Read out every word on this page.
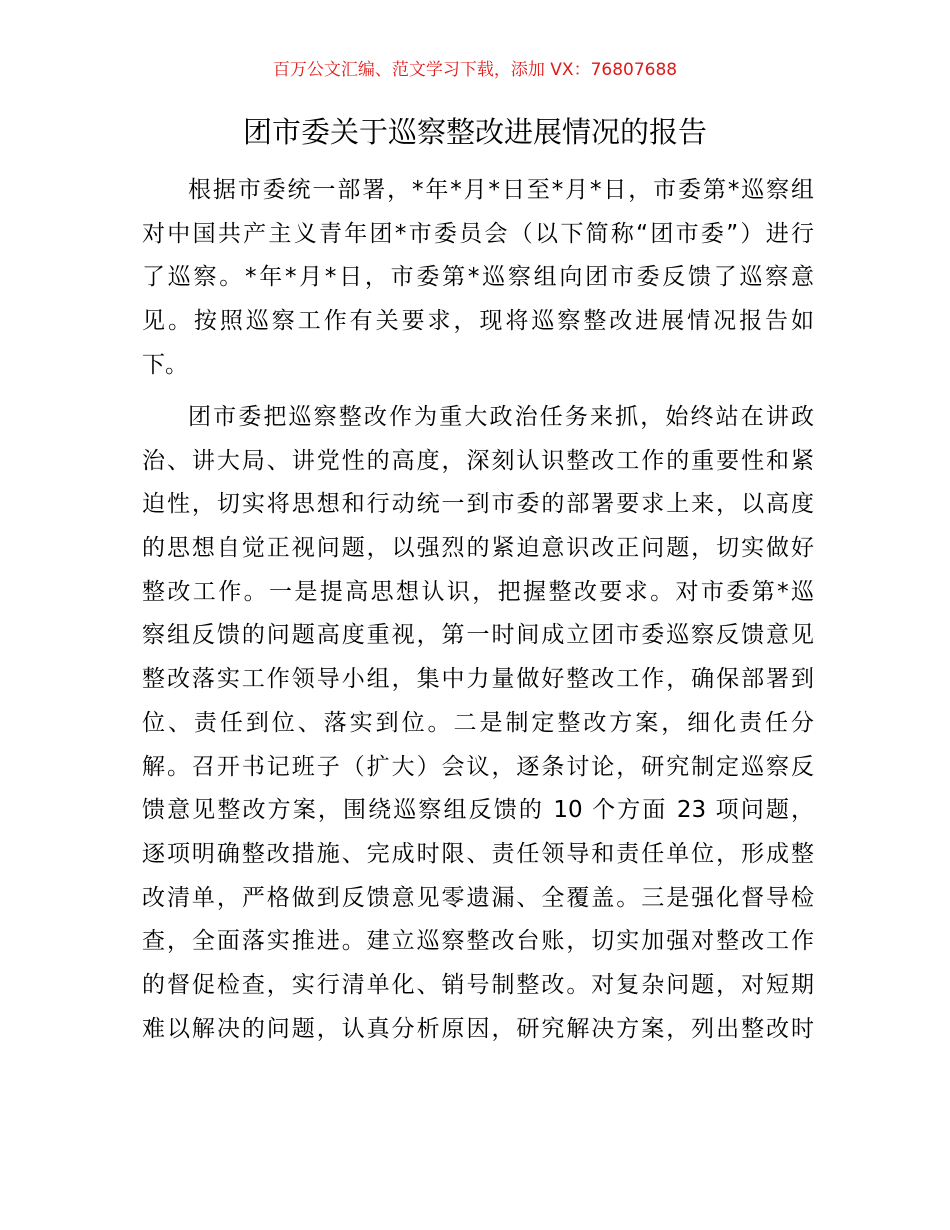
百万公文汇编、范文学习下载，添加 VX：76807688
团市委关于巡察整改进展情况的报告
根据市委统一部署，*年*月*日至*月*日，市委第*巡察组
对中国共产主义青年团*市委员会（以下简称“团市委”）进行
了巡察。*年*月*日，市委第*巡察组向团市委反馈了巡察意
见。按照巡察工作有关要求，现将巡察整改进展情况报告如
下。
团市委把巡察整改作为重大政治任务来抓，始终站在讲政
治、讲大局、讲党性的高度，深刻认识整改工作的重要性和紧
迫性，切实将思想和行动统一到市委的部署要求上来，以高度
的思想自觉正视问题，以强烈的紧迫意识改正问题，切实做好
整改工作。一是提高思想认识，把握整改要求。对市委第*巡
察组反馈的问题高度重视，第一时间成立团市委巡察反馈意见
整改落实工作领导小组，集中力量做好整改工作，确保部署到
位、责任到位、落实到位。二是制定整改方案，细化责任分
解。召开书记班子（扩大）会议，逐条讨论，研究制定巡察反
馈意见整改方案，围绕巡察组反馈的 10 个方面 23 项问题，
逐项明确整改措施、完成时限、责任领导和责任单位，形成整
改清单，严格做到反馈意见零遗漏、全覆盖。三是强化督导检
查，全面落实推进。建立巡察整改台账，切实加强对整改工作
的督促检查，实行清单化、销号制整改。对复杂问题，对短期
难以解决的问题，认真分析原因，研究解决方案，列出整改时
